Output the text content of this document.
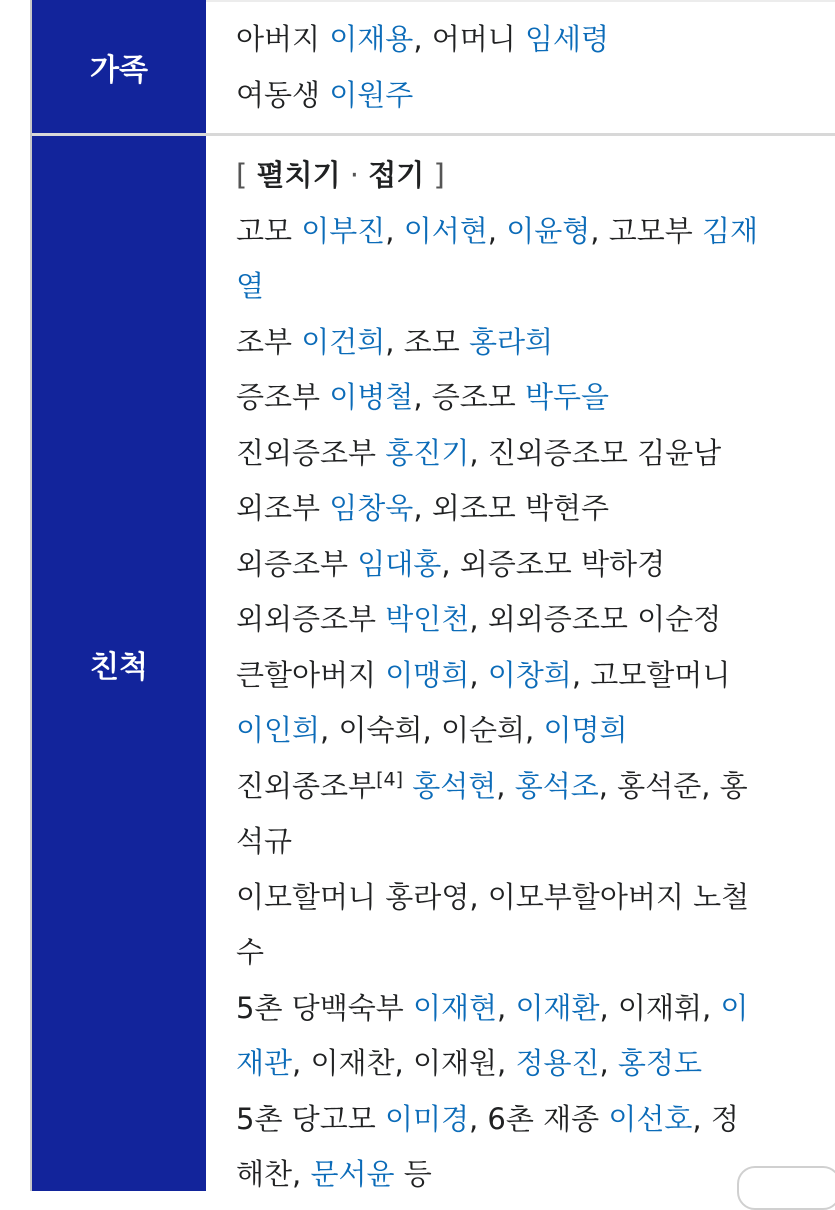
가족
아버지 이재용, 어머니 임세령
여동생 이원주
친척
[ 펼치기 · 접기 ]
고모 이부진, 이서현, 이윤형, 고모부 김재
열
조부 이건희, 조모 홍라희
증조부 이병철, 증조모 박두을
진외증조부 홍진기, 진외증조모 김윤남
외조부 임창욱, 외조모 박현주
외증조부 임대홍, 외증조모 박하경
외외증조부 박인천, 외외증조모 이순정
큰할아버지 이맹희, 이창희, 고모할머니
이인희, 이숙희, 이순희, 이명희
진외종조부[4] 홍석현, 홍석조, 홍석준, 홍
석규
이모할머니 홍라영, 이모부할아버지 노철
수
5촌 당백숙부 이재현, 이재환, 이재휘, 이
재관, 이재찬, 이재원, 정용진, 홍정도
5촌 당고모 이미경, 6촌 재종 이선호, 정
해찬, 문서윤 등
